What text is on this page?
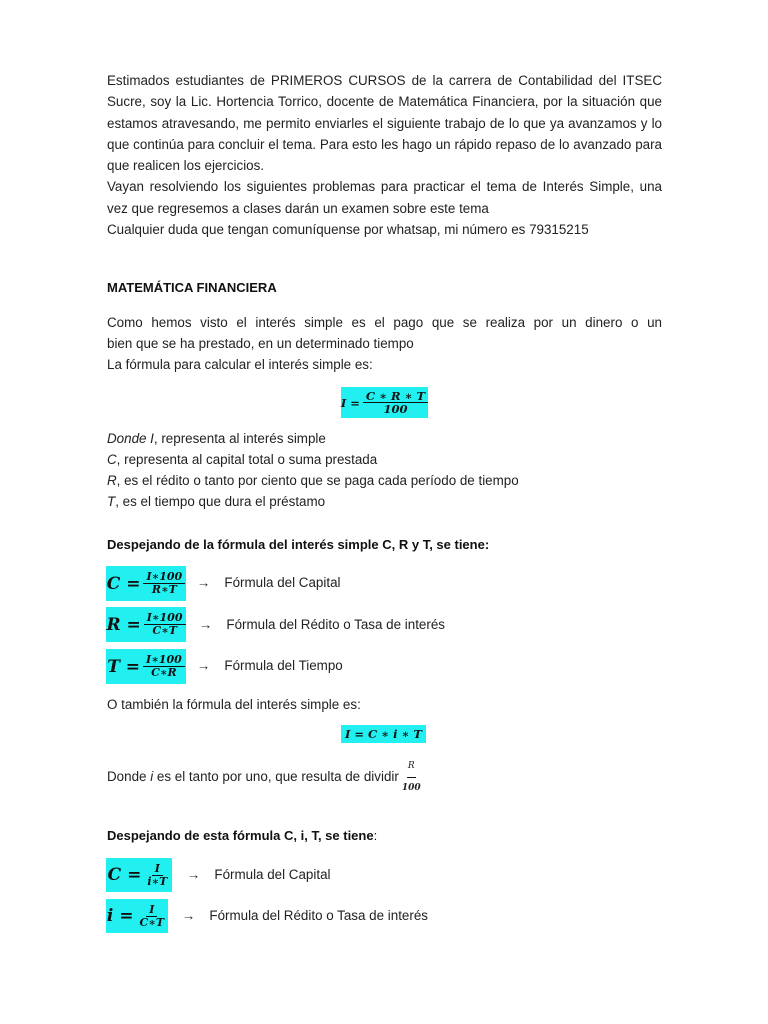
Estimados estudiantes de PRIMEROS CURSOS de la carrera de Contabilidad del ITSEC Sucre, soy la Lic. Hortencia Torrico, docente de Matemática Financiera, por la situación que estamos atravesando, me permito enviarles el siguiente trabajo de lo que ya avanzamos y lo que continúa para concluir el tema. Para esto les hago un rápido repaso de lo avanzado para que realicen los ejercicios.

Vayan resolviendo los siguientes problemas para practicar el tema de Interés Simple, una vez que regresemos a clases darán un examen sobre este tema

Cualquier duda que tengan comuníquense por whatsap, mi número es 79315215

MATEMÁTICA FINANCIERA

Como hemos visto el interés simple es el pago que se realiza por un dinero o un

bien que se ha prestado, en un determinado tiempo

La fórmula para calcular el interés simple es:

$I = \frac{C ∗ R ∗ T}{100}$

Donde I, representa al interés simple

C, representa al capital total o suma prestada

R, es el rédito o tanto por ciento que se paga cada período de tiempo

T, es el tiempo que dura el préstamo

Despejando de la fórmula del interés simple C, R y T, se tiene:
$C = \frac{I∗100}{R∗T}$ → Fórmula del Capital
$R = \frac{I∗100}{C∗T}$ → Fórmula del Rédito o Tasa de interés
$T = \frac{I∗100}{C∗R}$ → Fórmula del Tiempo

O también la fórmula del interés simple es:

I = C ∗ i ∗ T
Donde i es el tanto por uno, que resulta de dividir $\frac{R}{100}$
Despejando de esta fórmula C, i, T, se tiene:
$C = \frac{I}{i∗T}$ → Fórmula del Capital
$i = \frac{I}{C∗T}$ → Fórmula del Rédito o Tasa de interés
